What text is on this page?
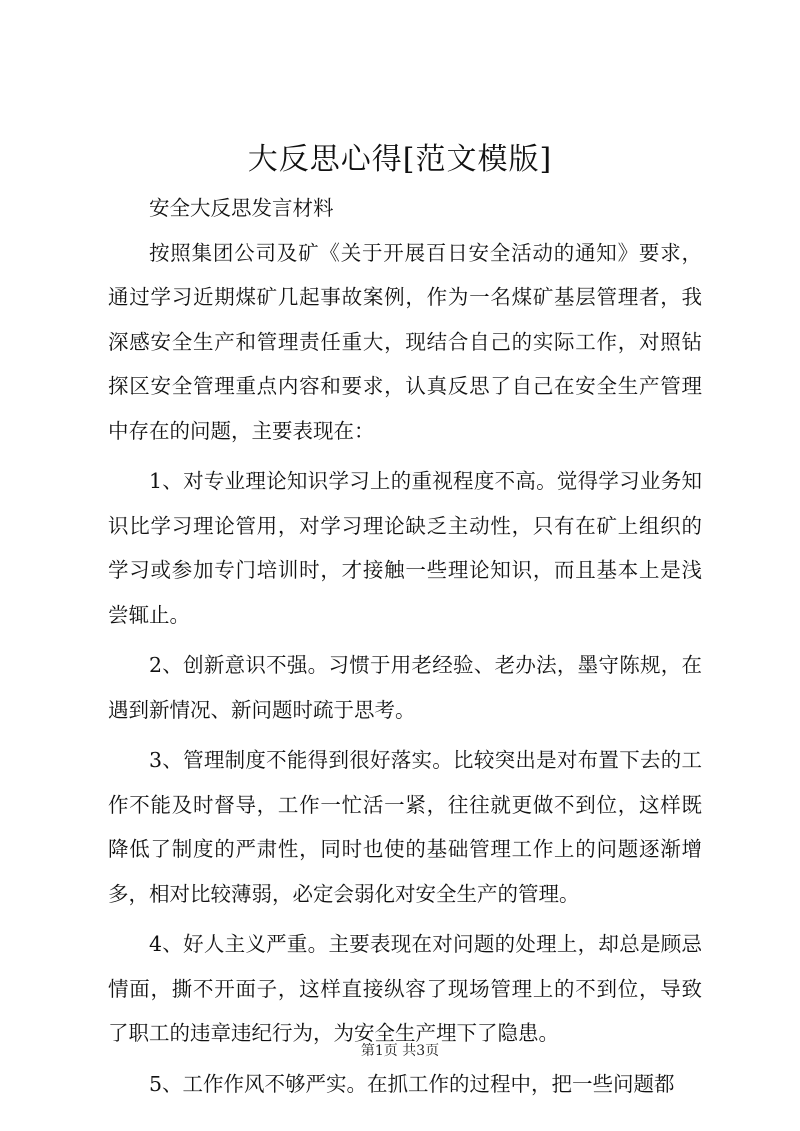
大反思心得[范文模版]

安全大反思发言材料

按照集团公司及矿《关于开展百日安全活动的通知》要求，通过学习近期煤矿几起事故案例，作为一名煤矿基层管理者，我深感安全生产和管理责任重大，现结合自己的实际工作，对照钻探区安全管理重点内容和要求，认真反思了自己在安全生产管理中存在的问题，主要表现在：

1、对专业理论知识学习上的重视程度不高。觉得学习业务知识比学习理论管用，对学习理论缺乏主动性，只有在矿上组织的学习或参加专门培训时，才接触一些理论知识，而且基本上是浅尝辄止。

2、创新意识不强。习惯于用老经验、老办法，墨守陈规，在遇到新情况、新问题时疏于思考。

3、管理制度不能得到很好落实。比较突出是对布置下去的工作不能及时督导，工作一忙活一紧，往往就更做不到位，这样既降低了制度的严肃性，同时也使的基础管理工作上的问题逐渐增多，相对比较薄弱，必定会弱化对安全生产的管理。

4、好人主义严重。主要表现在对问题的处理上，却总是顾忌情面，撕不开面子，这样直接纵容了现场管理上的不到位，导致了职工的违章违纪行为，为安全生产埋下了隐患。

5、工作作风不够严实。在抓工作的过程中，把一些问题都

第1页 共3页
